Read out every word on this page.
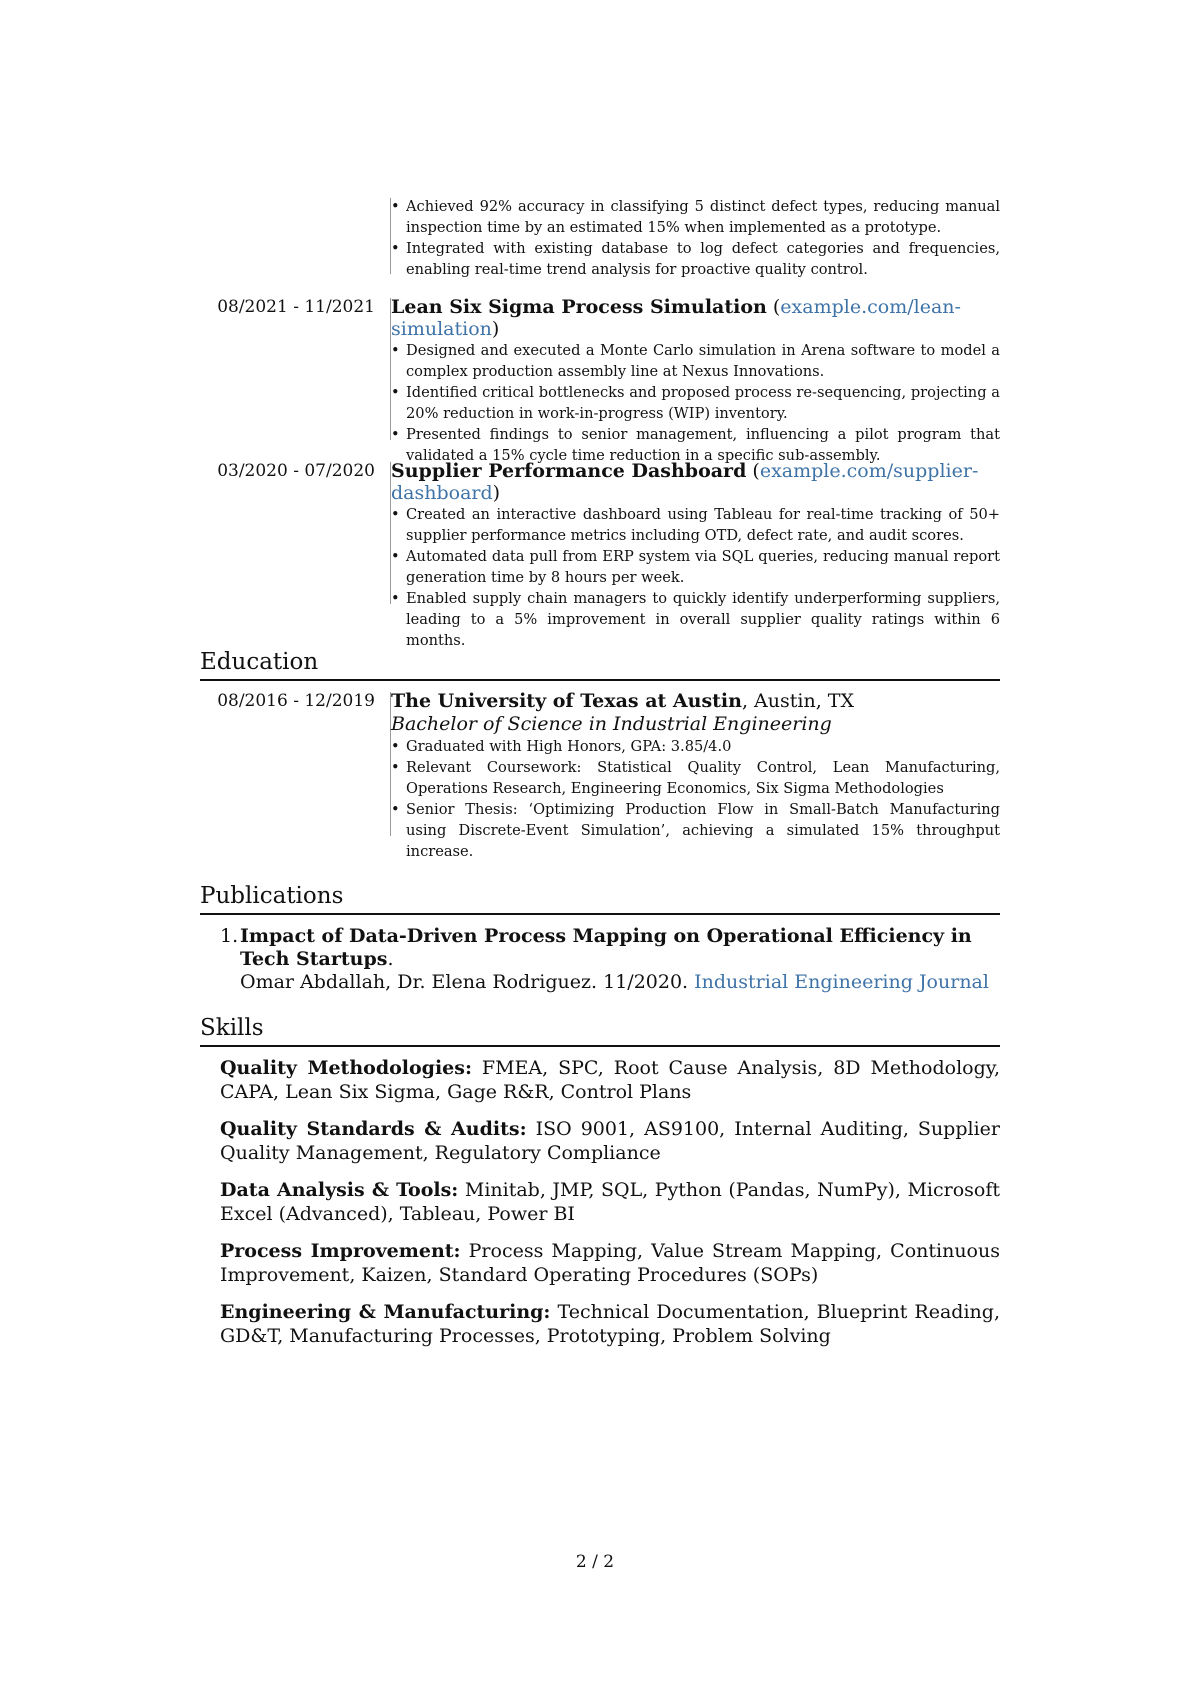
• Achieved 92% accuracy in classifying 5 distinct defect types, reducing manual inspection time by an estimated 15% when implemented as a prototype.
• Integrated with existing database to log defect categories and frequencies, enabling real-time trend analysis for proactive quality control.
08/2021 - 11/2021 Lean Six Sigma Process Simulation (example.com/lean-simulation)
• Designed and executed a Monte Carlo simulation in Arena software to model a complex production assembly line at Nexus Innovations.
• Identified critical bottlenecks and proposed process re-sequencing, projecting a 20% reduction in work-in-progress (WIP) inventory.
• Presented findings to senior management, influencing a pilot program that validated a 15% cycle time reduction in a specific sub-assembly.
03/2020 - 07/2020 Supplier Performance Dashboard (example.com/supplier-dashboard)
• Created an interactive dashboard using Tableau for real-time tracking of 50+ supplier performance metrics including OTD, defect rate, and audit scores.
• Automated data pull from ERP system via SQL queries, reducing manual report generation time by 8 hours per week.
• Enabled supply chain managers to quickly identify underperforming suppliers, leading to a 5% improvement in overall supplier quality ratings within 6 months.
Education
08/2016 - 12/2019 The University of Texas at Austin, Austin, TX
Bachelor of Science in Industrial Engineering
• Graduated with High Honors, GPA: 3.85/4.0
• Relevant Coursework: Statistical Quality Control, Lean Manufacturing, Operations Research, Engineering Economics, Six Sigma Methodologies
• Senior Thesis: ‘Optimizing Production Flow in Small-Batch Manufacturing using Discrete-Event Simulation’, achieving a simulated 15% throughput increase.
Publications
1. Impact of Data-Driven Process Mapping on Operational Efficiency in Tech Startups.
Omar Abdallah, Dr. Elena Rodriguez. 11/2020. Industrial Engineering Journal
Skills
Quality Methodologies: FMEA, SPC, Root Cause Analysis, 8D Methodology, CAPA, Lean Six Sigma, Gage R&R, Control Plans
Quality Standards & Audits: ISO 9001, AS9100, Internal Auditing, Supplier Quality Management, Regulatory Compliance
Data Analysis & Tools: Minitab, JMP, SQL, Python (Pandas, NumPy), Microsoft Excel (Advanced), Tableau, Power BI
Process Improvement: Process Mapping, Value Stream Mapping, Continuous Improvement, Kaizen, Standard Operating Procedures (SOPs)
Engineering & Manufacturing: Technical Documentation, Blueprint Reading, GD&T, Manufacturing Processes, Prototyping, Problem Solving
2 / 2
